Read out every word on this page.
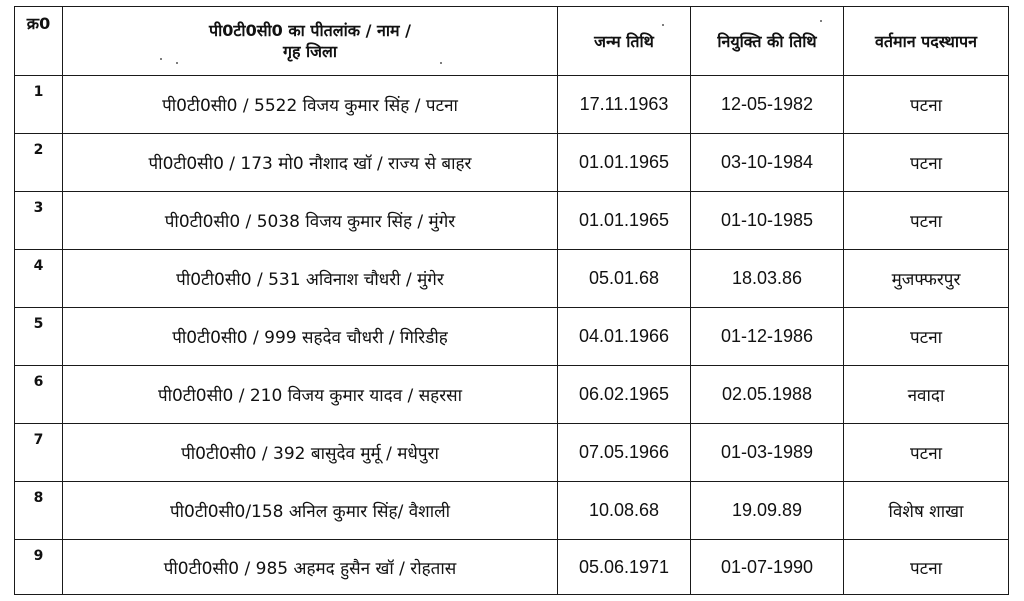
क्र0	पी0टी0सी0 का पीतलांक / नाम /
गृह जिला	जन्म तिथि	नियुक्ति की तिथि	वर्तमान पदस्थापन
1	पी0टी0सी0 / 5522 विजय कुमार सिंह / पटना	17.11.1963	12-05-1982	पटना
2	पी0टी0सी0 / 173 मो0 नौशाद खॉ / राज्य से बाहर	01.01.1965	03-10-1984	पटना
3	पी0टी0सी0 / 5038 विजय कुमार सिंह / मुंगेर	01.01.1965	01-10-1985	पटना
4	पी0टी0सी0 / 531 अविनाश चौधरी / मुंगेर	05.01.68	18.03.86	मुजफ्फरपुर
5	पी0टी0सी0 / 999 सहदेव चौधरी / गिरिडीह	04.01.1966	01-12-1986	पटना
6	पी0टी0सी0 / 210 विजय कुमार यादव / सहरसा	06.02.1965	02.05.1988	नवादा
7	पी0टी0सी0 / 392 बासुदेव मुर्मू / मधेपुरा	07.05.1966	01-03-1989	पटना
8	पी0टी0सी0/158 अनिल कुमार सिंह/ वैशाली	10.08.68	19.09.89	विशेष शाखा
9	पी0टी0सी0 / 985 अहमद हुसैन खॉ / रोहतास	05.06.1971	01-07-1990	पटना
